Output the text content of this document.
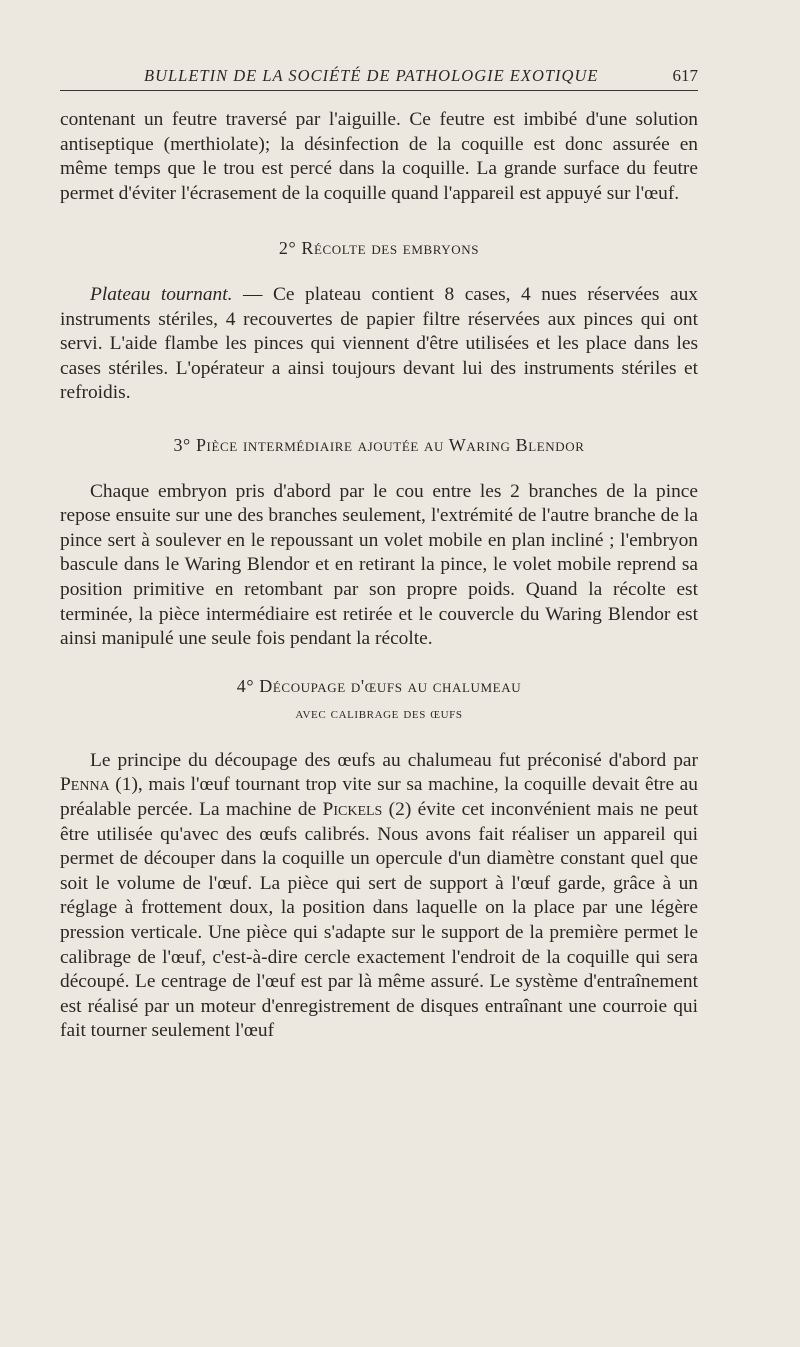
BULLETIN DE LA SOCIÉTÉ DE PATHOLOGIE EXOTIQUE	617

contenant un feutre traversé par l'aiguille. Ce feutre est imbibé d'une solution antiseptique (merthiolate); la désinfection de la coquille est donc assurée en même temps que le trou est percé dans la coquille. La grande surface du feutre permet d'éviter l'écrasement de la coquille quand l'appareil est appuyé sur l'œuf.

2° Récolte des embryons

Plateau tournant. — Ce plateau contient 8 cases, 4 nues réservées aux instruments stériles, 4 recouvertes de papier filtre réservées aux pinces qui ont servi. L'aide flambe les pinces qui viennent d'être utilisées et les place dans les cases stériles. L'opérateur a ainsi toujours devant lui des instruments stériles et refroidis.

3° Pièce intermédiaire ajoutée au Waring Blendor

Chaque embryon pris d'abord par le cou entre les 2 branches de la pince repose ensuite sur une des branches seulement, l'extrémité de l'autre branche de la pince sert à soulever en le repoussant un volet mobile en plan incliné ; l'embryon bascule dans le Waring Blendor et en retirant la pince, le volet mobile reprend sa position primitive en retombant par son propre poids. Quand la récolte est terminée, la pièce intermédiaire est retirée et le couvercle du Waring Blendor est ainsi manipulé une seule fois pendant la récolte.

4° Découpage d'œufs au chalumeau
avec calibrage des œufs

Le principe du découpage des œufs au chalumeau fut préconisé d'abord par Penna (1), mais l'œuf tournant trop vite sur sa machine, la coquille devait être au préalable percée. La machine de Pickels (2) évite cet inconvénient mais ne peut être utilisée qu'avec des œufs calibrés. Nous avons fait réaliser un appareil qui permet de découper dans la coquille un opercule d'un diamètre constant quel que soit le volume de l'œuf. La pièce qui sert de support à l'œuf garde, grâce à un réglage à frottement doux, la position dans laquelle on la place par une légère pression verticale. Une pièce qui s'adapte sur le support de la première permet le calibrage de l'œuf, c'est-à-dire cercle exactement l'endroit de la coquille qui sera découpé. Le centrage de l'œuf est par là même assuré. Le système d'entraînement est réalisé par un moteur d'enregistrement de disques entraînant une courroie qui fait tourner seulement l'œuf
